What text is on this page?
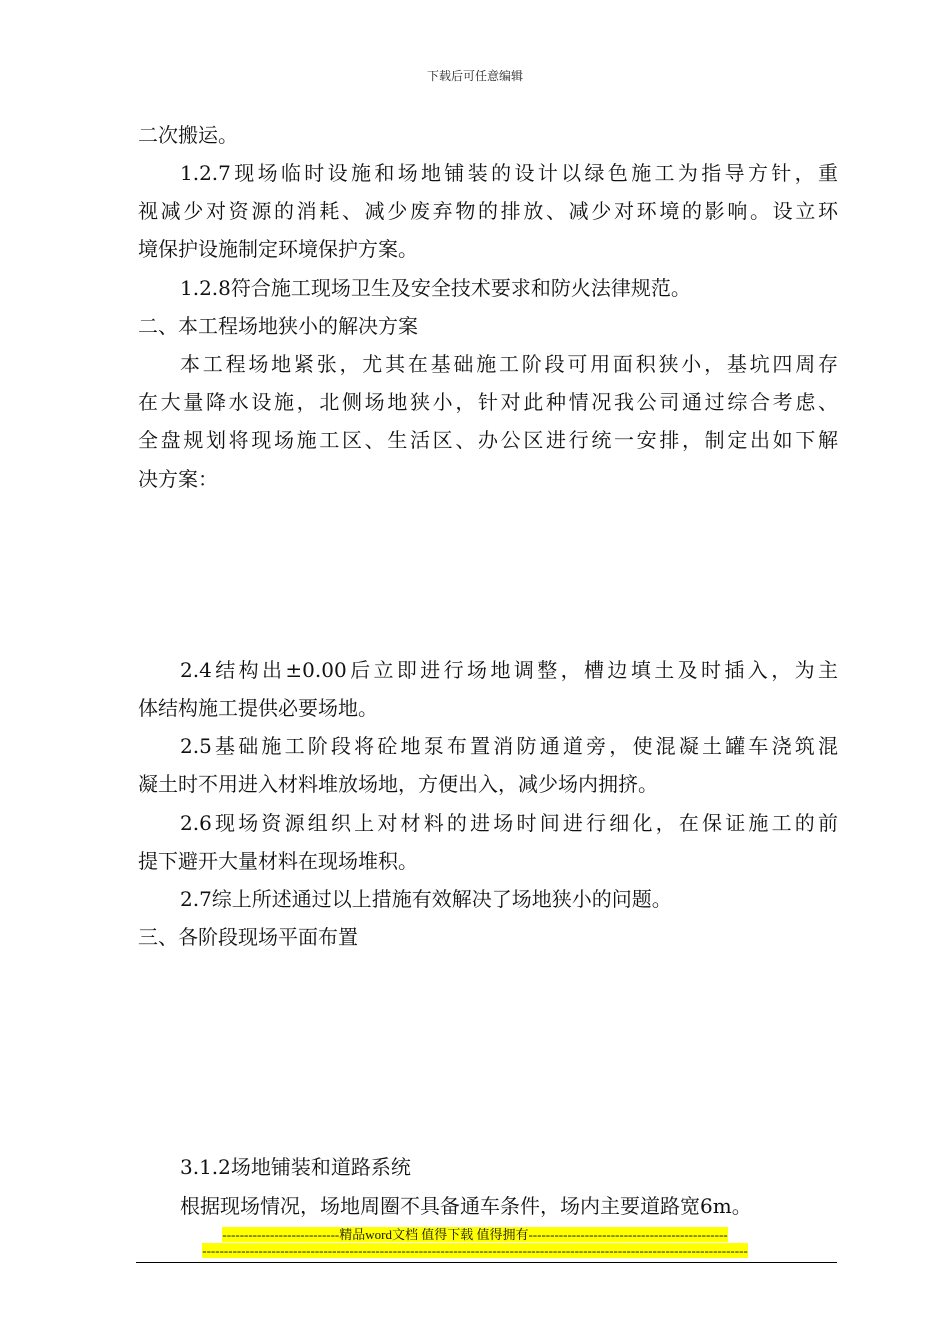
下载后可任意编辑
二次搬运。
1.2.7现场临时设施和场地铺装的设计以绿色施工为指导方针，重
视减少对资源的消耗、减少废弃物的排放、减少对环境的影响。设立环
境保护设施制定环境保护方案。
1.2.8符合施工现场卫生及安全技术要求和防火法律规范。
二、本工程场地狭小的解决方案
本工程场地紧张，尤其在基础施工阶段可用面积狭小，基坑四周存
在大量降水设施，北侧场地狭小，针对此种情况我公司通过综合考虑、
全盘规划将现场施工区、生活区、办公区进行统一安排，制定出如下解
决方案：
2.4结构出±0.00后立即进行场地调整，槽边填土及时插入，为主
体结构施工提供必要场地。
2.5基础施工阶段将砼地泵布置消防通道旁，使混凝土罐车浇筑混
凝土时不用进入材料堆放场地，方便出入，减少场内拥挤。
2.6现场资源组织上对材料的进场时间进行细化，在保证施工的前
提下避开大量材料在现场堆积。
2.7综上所述通过以上措施有效解决了场地狭小的问题。
三、各阶段现场平面布置
3.1.2场地铺装和道路系统
根据现场情况，场地周圈不具备通车条件，场内主要道路宽6m。
---------------------------精品word文档 值得下载 值得拥有----------------------------------------------
------------------------------------------------------------------------------------------------------------------------------
